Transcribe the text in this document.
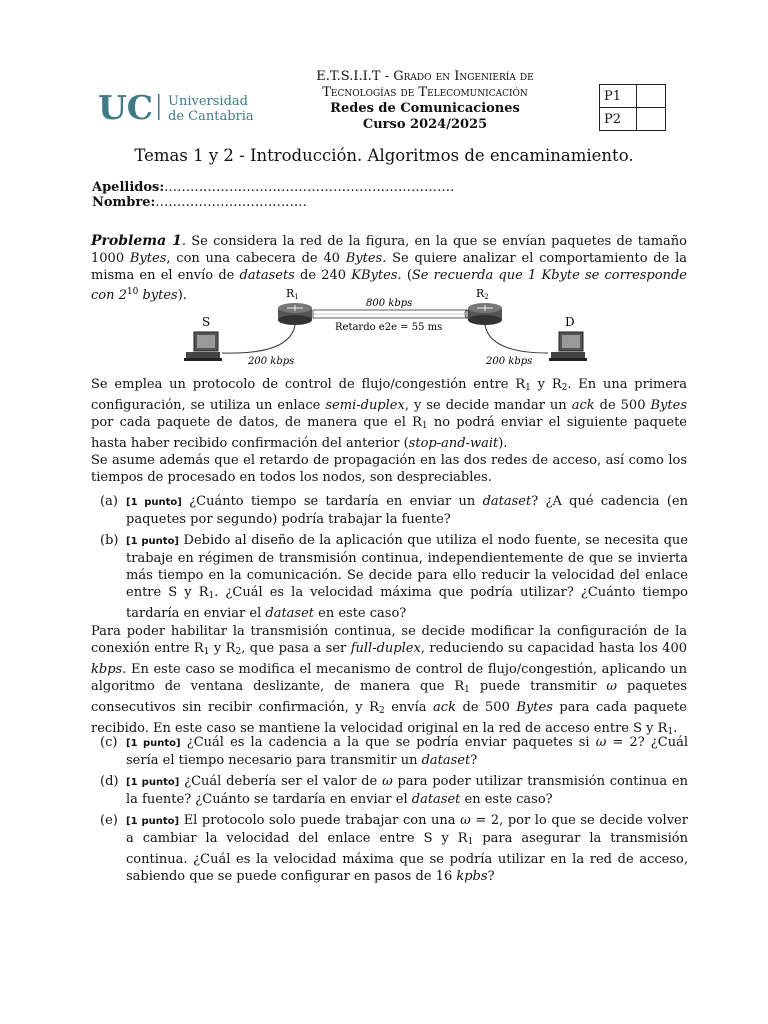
UC Universidad
de Cantabria
E.T.S.I.I.T - Grado en Ingeniería de
Tecnologías de Telecomunicación
Redes de Comunicaciones
Curso 2024/2025
P1	
P2	
Temas 1 y 2 - Introducción. Algoritmos de encaminamiento.
Apellidos:...................................................................  Nombre:...................................

Problema 1. Se considera la red de la figura, en la que se envían paquetes de tamaño 1000 Bytes, con una cabecera de 40 Bytes. Se quiere analizar el comportamiento de la misma en el envío de datasets de 240 KBytes. (Se recuerda que 1 Kbyte se corresponde con $2^{10}$ bytes).

S
R1	R2
D
800 kbps
Retardo e2e = 55 ms
200 kbps	200 kbps

Se emplea un protocolo de control de flujo/congestión entre $R_1$ y $R_2$. En una primera configuración, se utiliza un enlace semi-duplex, y se decide mandar un ack de 500 Bytes por cada paquete de datos, de manera que el $R_1$ no podrá enviar el siguiente paquete hasta haber recibido confirmación del anterior (stop-and-wait).

Se asume además que el retardo de propagación en las dos redes de acceso, así como los tiempos de procesado en todos los nodos, son despreciables.

(a) [1 punto] ¿Cuánto tiempo se tardaría en enviar un dataset? ¿A qué cadencia (en paquetes por segundo) podría trabajar la fuente?
(b) [1 punto] Debido al diseño de la aplicación que utiliza el nodo fuente, se necesita que trabaje en régimen de transmisión continua, independientemente de que se invierta más tiempo en la comunicación. Se decide para ello reducir la velocidad del enlace entre S y $R_1$. ¿Cuál es la velocidad máxima que podría utilizar? ¿Cuánto tiempo tardaría en enviar el dataset en este caso?

Para poder habilitar la transmisión continua, se decide modificar la configuración de la conexión entre $R_1$ y $R_2$, que pasa a ser full-duplex, reduciendo su capacidad hasta los 400 kbps. En este caso se modifica el mecanismo de control de flujo/congestión, aplicando un algoritmo de ventana deslizante, de manera que $R_1$ puede transmitir ω paquetes consecutivos sin recibir confirmación, y $R_2$ envía ack de 500 Bytes para cada paquete recibido. En este caso se mantiene la velocidad original en la red de acceso entre S y $R_1$.

(c) [1 punto] ¿Cuál es la cadencia a la que se podría enviar paquetes si ω = 2? ¿Cuál sería el tiempo necesario para transmitir un dataset?
(d) [1 punto] ¿Cuál debería ser el valor de ω para poder utilizar transmisión continua en la fuente? ¿Cuánto se tardaría en enviar el dataset en este caso?
(e) [1 punto] El protocolo solo puede trabajar con una ω = 2, por lo que se decide volver a cambiar la velocidad del enlace entre S y $R_1$ para asegurar la transmisión continua. ¿Cuál es la velocidad máxima que se podría utilizar en la red de acceso, sabiendo que se puede configurar en pasos de 16 kpbs?
